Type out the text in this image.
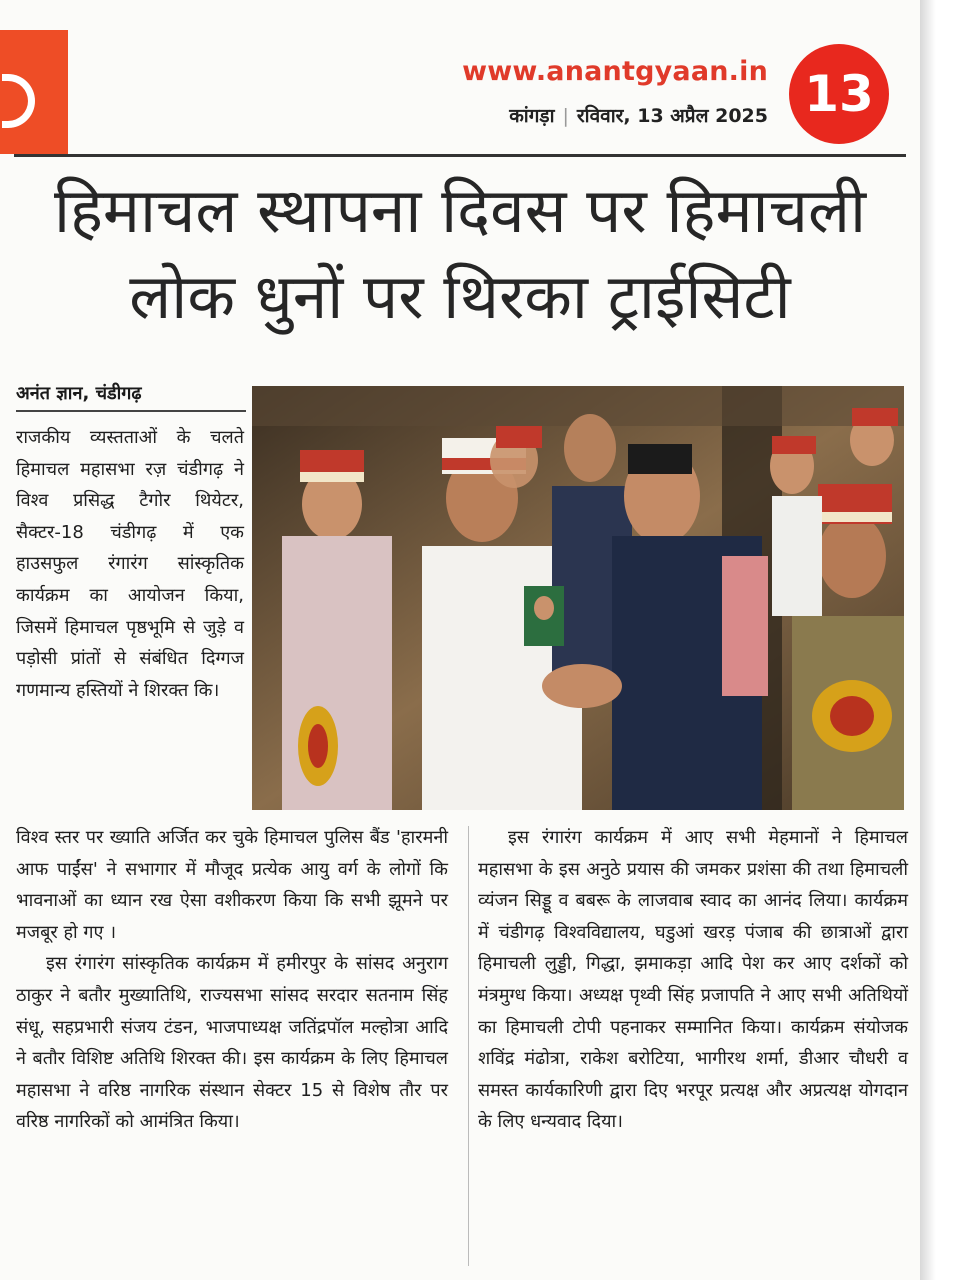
www.anantgyaan.in
कांगड़ा | रविवार, 13 अप्रैल 2025 13
हिमाचल स्थापना दिवस पर हिमाचली
लोक धुनों पर थिरका ट्राईसिटी
अनंत ज्ञान, चंडीगढ़

राजकीय व्यस्तताओं के चलते हिमाचल महासभा रज़ चंडीगढ़ ने विश्व प्रसिद्ध टैगोर थियेटर, सैक्टर-18 चंडीगढ़ में एक हाउसफुल रंगारंग सांस्कृतिक कार्यक्रम का आयोजन किया, जिसमें हिमाचल पृष्ठभूमि से जुड़े व पड़ोसी प्रांतों से संबंधित दिग्गज गणमान्य हस्तियों ने शिरक्त कि।

विश्व स्तर पर ख्याति अर्जित कर चुके हिमाचल पुलिस बैंड 'हारमनी आफ पाईंस' ने सभागार में मौजूद प्रत्येक आयु वर्ग के लोगों कि भावनाओं का ध्यान रख ऐसा वशीकरण किया कि सभी झूमने पर मजबूर हो गए ।

इस रंगारंग सांस्कृतिक कार्यक्रम में हमीरपुर के सांसद अनुराग ठाकुर ने बतौर मुख्यातिथि, राज्यसभा सांसद सरदार सतनाम सिंह संधू, सहप्रभारी संजय टंडन, भाजपाध्यक्ष जतिंद्रपॉल मल्होत्रा आदि ने बतौर विशिष्ट अतिथि शिरक्त की। इस कार्यक्रम के लिए हिमाचल महासभा ने वरिष्ठ नागरिक संस्थान सेक्टर 15 से विशेष तौर पर वरिष्ठ नागरिकों को आमंत्रित किया।

इस रंगारंग कार्यक्रम में आए सभी मेहमानों ने हिमाचल महासभा के इस अनुठे प्रयास की जमकर प्रशंसा की तथा हिमाचली व्यंजन सिड्डू व बबरू के लाजवाब स्वाद का आनंद लिया। कार्यक्रम में चंडीगढ़ विश्वविद्यालय, घडुआं खरड़ पंजाब की छात्राओं द्वारा हिमाचली लुड्डी, गिद्धा, झमाकड़ा आदि पेश कर आए दर्शकों को मंत्रमुग्ध किया। अध्यक्ष पृथ्वी सिंह प्रजापति ने आए सभी अतिथियों का हिमाचली टोपी पहनाकर सम्मानित किया। कार्यक्रम संयोजक शविंद्र मंढोत्रा, राकेश बरोटिया, भागीरथ शर्मा, डीआर चौधरी व समस्त कार्यकारिणी द्वारा दिए भरपूर प्रत्यक्ष और अप्रत्यक्ष योगदान के लिए धन्यवाद दिया।
